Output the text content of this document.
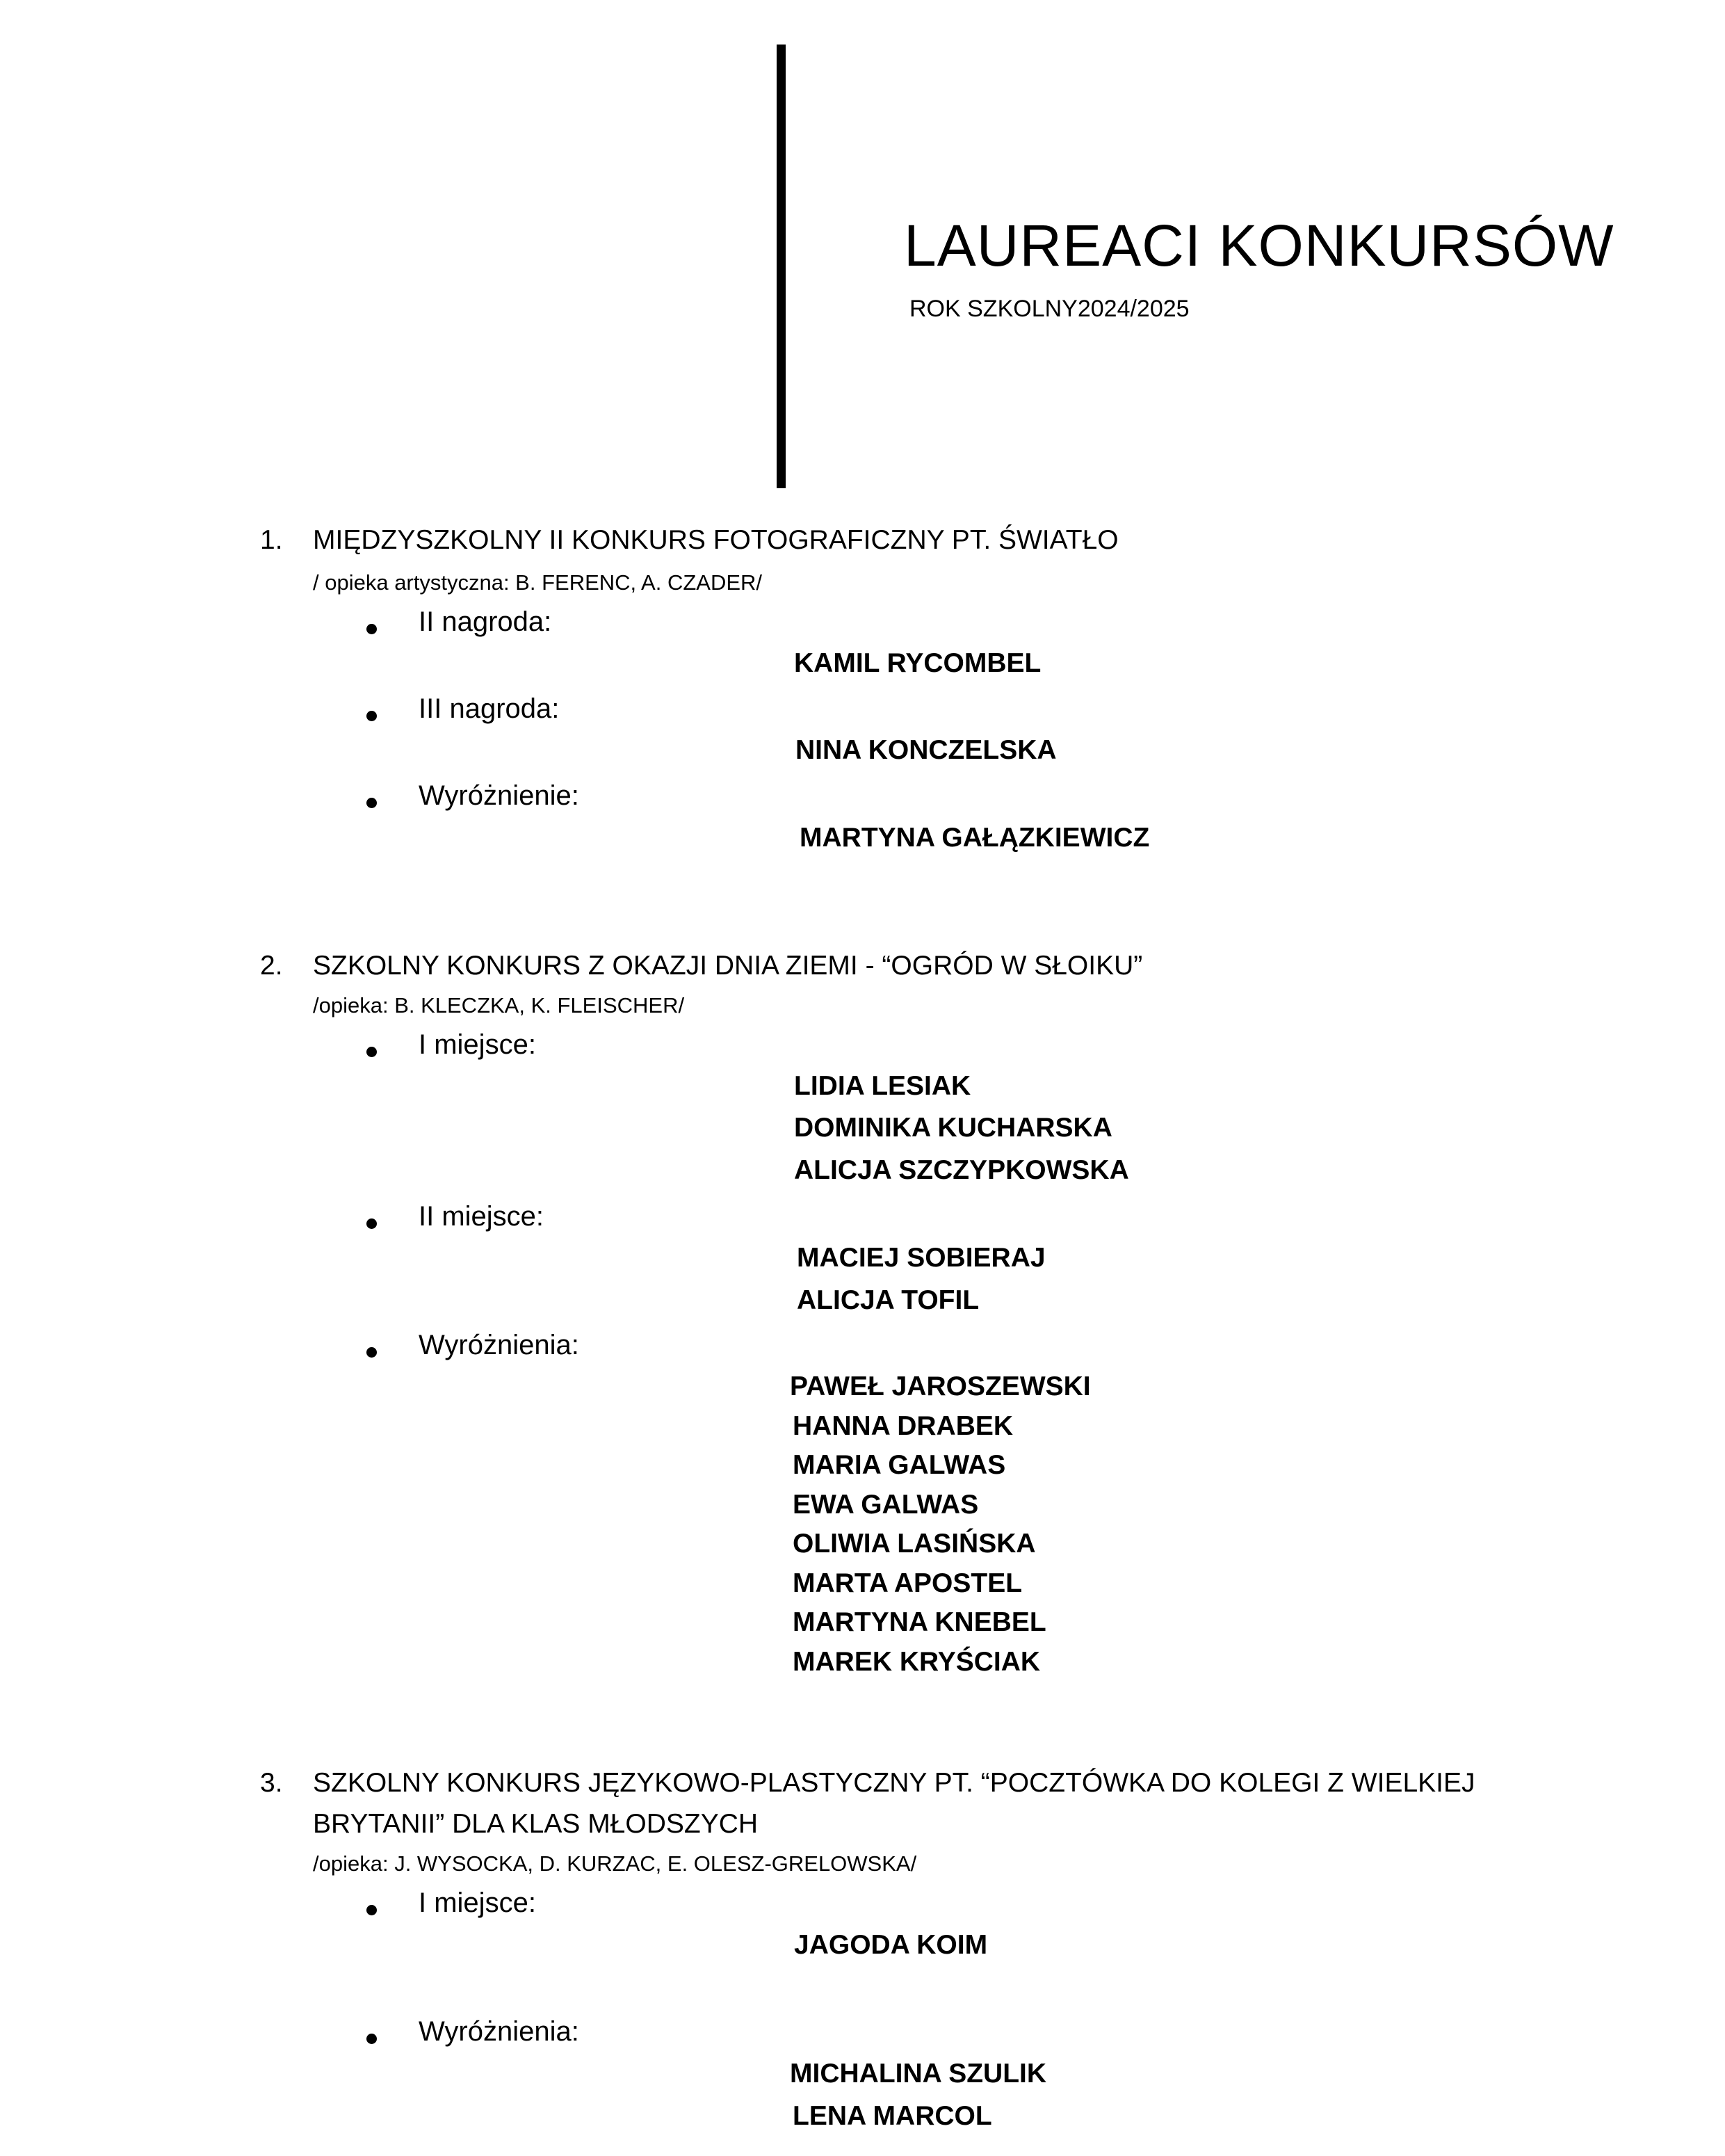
LAUREACI KONKURSÓW
ROK SZKOLNY2024/2025
1. MIĘDZYSZKOLNY II KONKURS FOTOGRAFICZNY PT. ŚWIATŁO
/ opieka artystyczna: B. FERENC, A. CZADER/
II nagroda:
KAMIL RYCOMBEL
III nagroda:
NINA KONCZELSKA
Wyróżnienie:
MARTYNA GAŁĄZKIEWICZ
2. SZKOLNY KONKURS Z OKAZJI DNIA ZIEMI - “OGRÓD W SŁOIKU”
/opieka: B. KLECZKA, K. FLEISCHER/
I miejsce:
LIDIA LESIAK
DOMINIKA KUCHARSKA
ALICJA SZCZYPKOWSKA
II miejsce:
MACIEJ SOBIERAJ
ALICJA TOFIL
Wyróżnienia:
PAWEŁ JAROSZEWSKI
HANNA DRABEK
MARIA GALWAS
EWA GALWAS
OLIWIA LASIŃSKA
MARTA APOSTEL
MARTYNA KNEBEL
MAREK KRYŚCIAK
3. SZKOLNY KONKURS JĘZYKOWO-PLASTYCZNY PT. “POCZTÓWKA DO KOLEGI Z WIELKIEJ
BRYTANII” DLA KLAS MŁODSZYCH
/opieka: J. WYSOCKA, D. KURZAC, E. OLESZ-GRELOWSKA/
I miejsce:
JAGODA KOIM
Wyróżnienia:
MICHALINA SZULIK
LENA MARCOL
